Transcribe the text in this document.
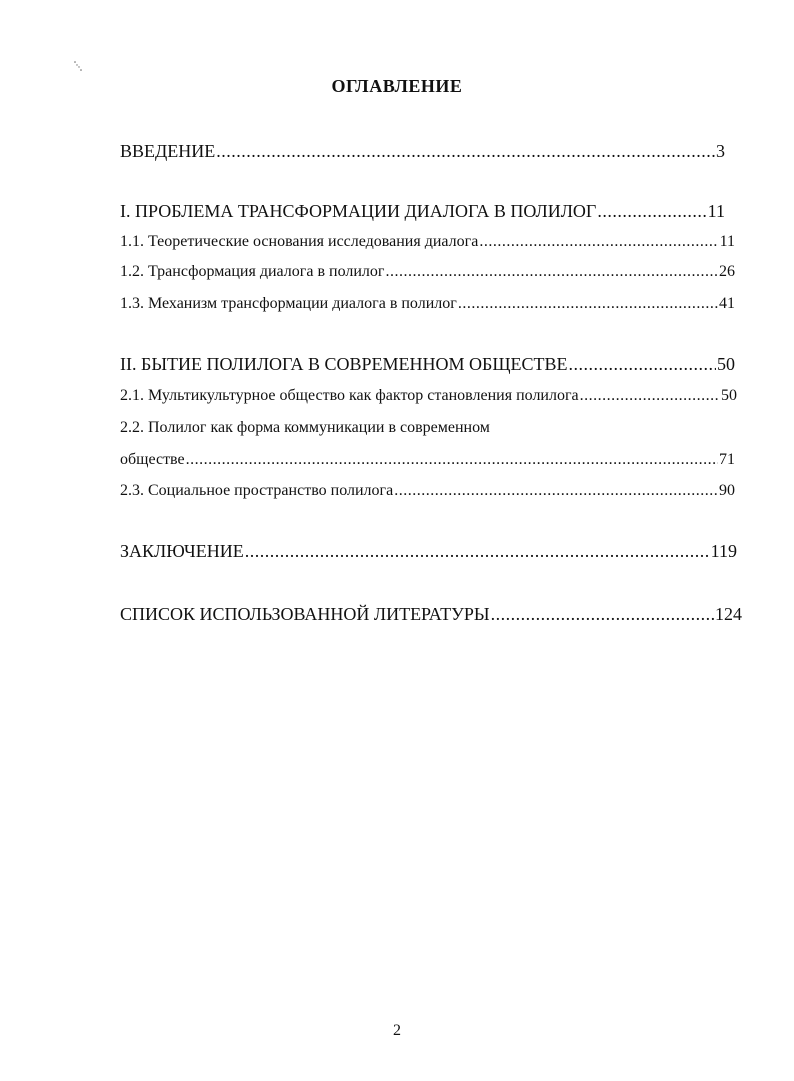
ОГЛАВЛЕНИЕ
ВВЕДЕНИЕ .....	3
I. ПРОБЛЕМА ТРАНСФОРМАЦИИ ДИАЛОГА В ПОЛИЛОГ .....	11
1.1. Теоретические основания исследования диалога .....	11
1.2. Трансформация диалога в полилог .....	26
1.3. Механизм трансформации диалога в полилог .....	41
II. БЫТИЕ ПОЛИЛОГА В СОВРЕМЕННОМ ОБЩЕСТВЕ .....	50
2.1. Мультикультурное общество как фактор становления полилога .....	50
2.2. Полилог как форма коммуникации в современном
обществе .....	71
2.3. Социальное пространство полилога .....	90
ЗАКЛЮЧЕНИЕ .....	119
СПИСОК ИСПОЛЬЗОВАННОЙ ЛИТЕРАТУРЫ .....	124
2
